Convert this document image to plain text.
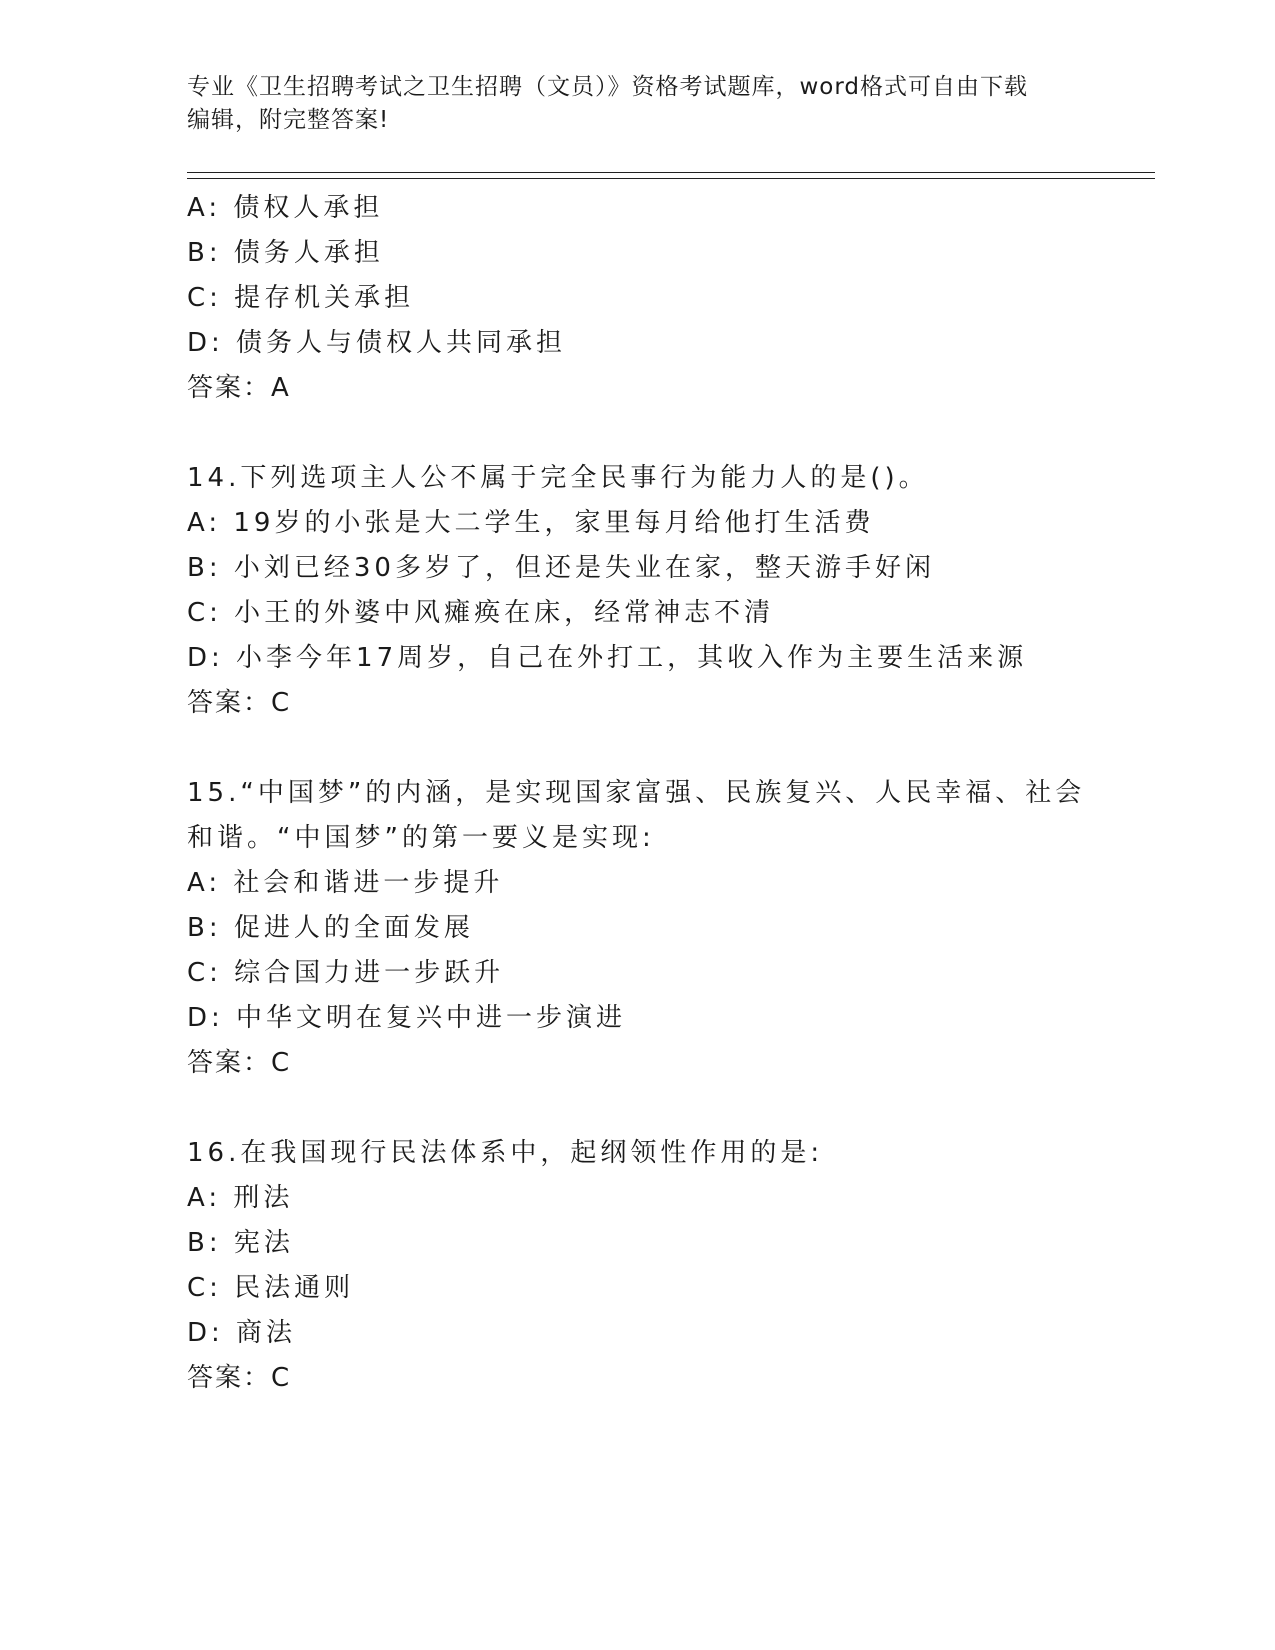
专业《卫生招聘考试之卫生招聘（文员）》资格考试题库，word格式可自由下载
编辑，附完整答案!
A: 债权人承担
B: 债务人承担
C: 提存机关承担
D: 债务人与债权人共同承担
答案：A
14.下列选项主人公不属于完全民事行为能力人的是()。
A: 19岁的小张是大二学生，家里每月给他打生活费
B: 小刘已经30多岁了，但还是失业在家，整天游手好闲
C: 小王的外婆中风瘫痪在床，经常神志不清
D: 小李今年17周岁，自己在外打工，其收入作为主要生活来源
答案：C
15.“中国梦”的内涵，是实现国家富强、民族复兴、人民幸福、社会
和谐。“中国梦”的第一要义是实现:
A: 社会和谐进一步提升
B: 促进人的全面发展
C: 综合国力进一步跃升
D: 中华文明在复兴中进一步演进
答案：C
16.在我国现行民法体系中，起纲领性作用的是:
A: 刑法
B: 宪法
C: 民法通则
D: 商法
答案：C
